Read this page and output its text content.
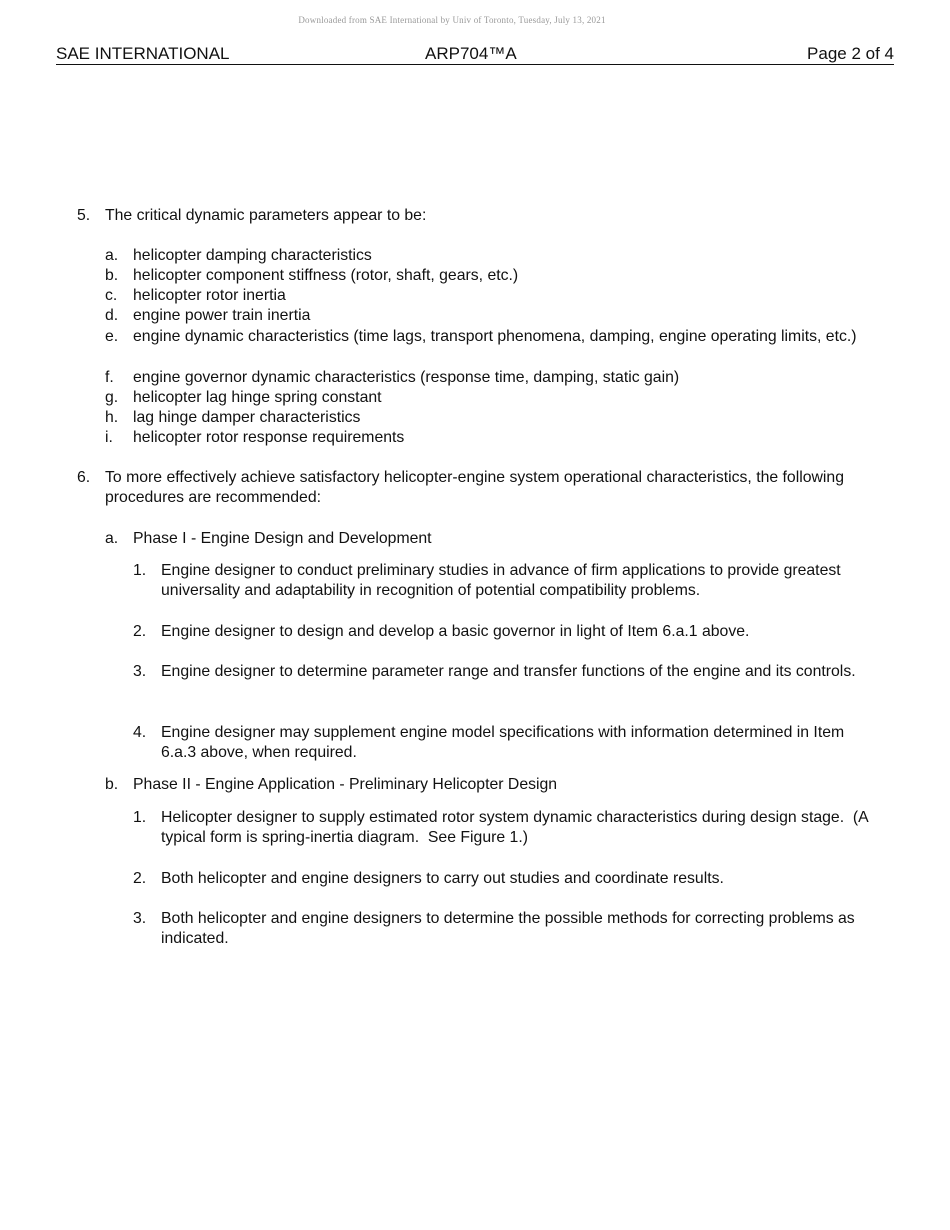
Downloaded from SAE International by Univ of Toronto, Tuesday, July 13, 2021
SAE INTERNATIONAL	ARP704™A	Page 2 of 4
5. The critical dynamic parameters appear to be:
a. helicopter damping characteristics
b. helicopter component stiffness (rotor, shaft, gears, etc.)
c. helicopter rotor inertia
d. engine power train inertia
e. engine dynamic characteristics (time lags, transport phenomena, damping, engine operating limits, etc.)
f. engine governor dynamic characteristics (response time, damping, static gain)
g. helicopter lag hinge spring constant
h. lag hinge damper characteristics
i. helicopter rotor response requirements
6. To more effectively achieve satisfactory helicopter-engine system operational characteristics, the following procedures are recommended:
a. Phase I - Engine Design and Development
1. Engine designer to conduct preliminary studies in advance of firm applications to provide greatest universality and adaptability in recognition of potential compatibility problems.
2. Engine designer to design and develop a basic governor in light of Item 6.a.1 above.
3. Engine designer to determine parameter range and transfer functions of the engine and its controls.
4. Engine designer may supplement engine model specifications with information determined in Item 6.a.3 above, when required.
b. Phase II - Engine Application - Preliminary Helicopter Design
1. Helicopter designer to supply estimated rotor system dynamic characteristics during design stage.  (A typical form is spring-inertia diagram.  See Figure 1.)
2. Both helicopter and engine designers to carry out studies and coordinate results.
3. Both helicopter and engine designers to determine the possible methods for correcting problems as indicated.
